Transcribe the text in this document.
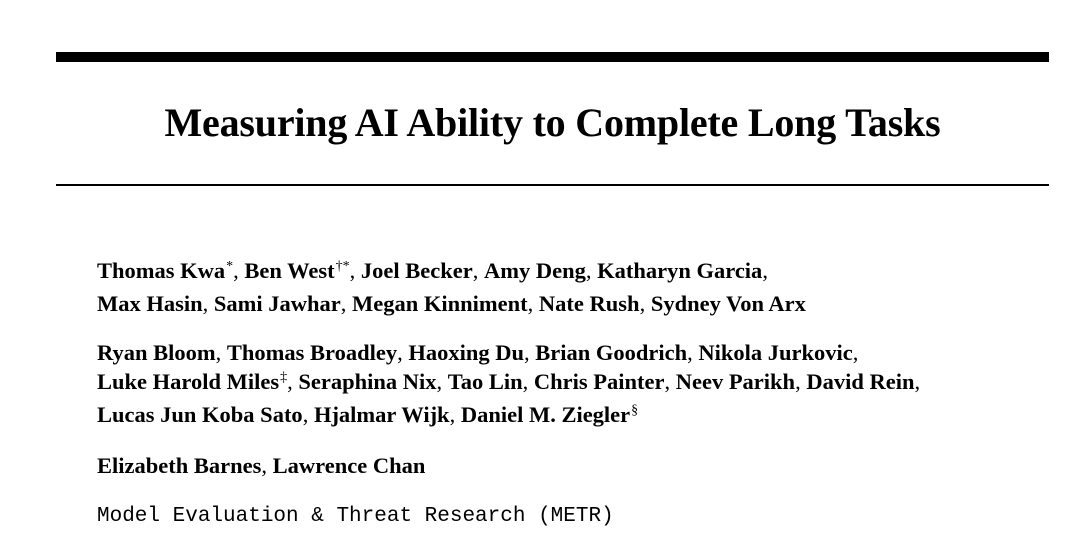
Measuring AI Ability to Complete Long Tasks
Thomas Kwa*, Ben West†*, Joel Becker, Amy Deng, Katharyn Garcia,
Max Hasin, Sami Jawhar, Megan Kinniment, Nate Rush, Sydney Von Arx
Ryan Bloom, Thomas Broadley, Haoxing Du, Brian Goodrich, Nikola Jurkovic,
Luke Harold Miles‡, Seraphina Nix, Tao Lin, Chris Painter, Neev Parikh, David Rein,
Lucas Jun Koba Sato, Hjalmar Wijk, Daniel M. Ziegler§
Elizabeth Barnes, Lawrence Chan
Model Evaluation & Threat Research (METR)
